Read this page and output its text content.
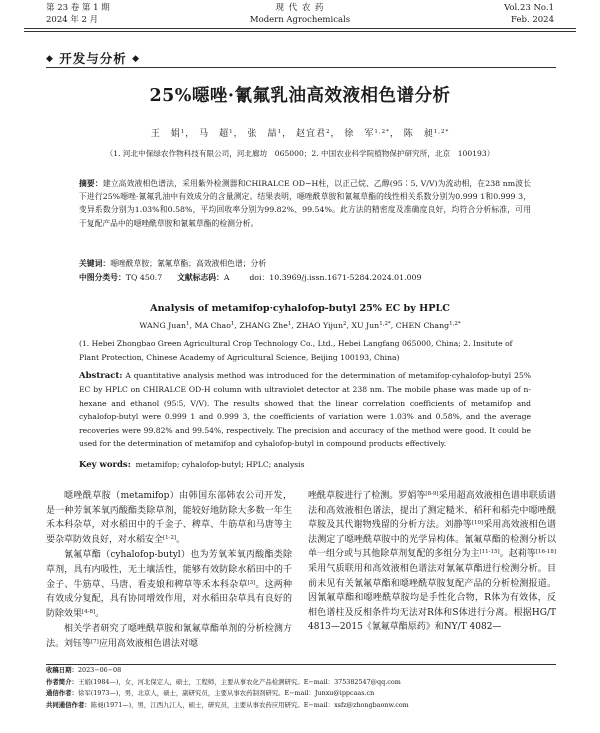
第 23 卷 第 1 期
2024 年 2 月
现 代 农 药
Modern Agrochemicals
Vol.23 No.1
Feb. 2024
◆ 开发与分析 ◆
25%噁唑·氰氟乳油高效液相色谱分析
王　娟$^1$， 马　超$^1$， 张　喆$^1$， 赵宜君$^2$， 徐　军$^{1,2*}$， 陈　昶$^{1,2*}$
（1. 河北中保绿农作物科技有限公司，河北廊坊　065000；2. 中国农业科学院植物保护研究所，北京　100193）
摘要：建立高效液相色谱法，采用紫外检测器和CHIRALCE OD−H柱，以正己烷、乙醇(95∶5, V/V)为流动相，在238 nm波长下进行25%噁唑·氰氟乳油中有效成分的含量测定。结果表明，噁唑酰草胺和氰氟草酯的线性相关系数分别为0.999 1和0.999 3，变异系数分别为1.03%和0.58%，平均回收率分别为99.82%、99.54%。此方法的精密度及准确度良好，均符合分析标准，可用于复配产品中的噁唑酰草胺和氰氟草酯的检测分析。
关键词：噁唑酰草胺；氰氟草酯；高效液相色谱；分析
中图分类号：TQ 450.7 文献标志码：A	doi：10.3969/j.issn.1671-5284.2024.01.009
Analysis of metamifop·cyhalofop-butyl 25% EC by HPLC
WANG Juan$^1$, MA Chao$^1$, ZHANG Zhe$^1$, ZHAO Yijun$^2$, XU Jun$^{1,2*}$, CHEN Chang$^{1,2*}$
(1. Hebei Zhongbao Green Agricultural Crop Technology Co., Ltd., Hebei Langfang 065000, China; 2. Insitute of Plant Protection, Chinese Academy of Agricultural Science, Beijing 100193, China)
Abstract: A quantitative analysis method was introduced for the determination of metamifop·cyhalofop-butyl 25% EC by HPLC on CHIRALCE OD-H column with ultraviolet detector at 238 nm. The mobile phase was made up of n-hexane and ethanol (95∶5, V/V). The results showed that the linear correlation coefficients of metamifop and cyhalofop-butyl were 0.999 1 and 0.999 3, the coefficients of variation were 1.03% and 0.58%, and the average recoveries were 99.82% and 99.54%, respectively. The precision and accuracy of the method were good. It could be used for the determination of metamifop and cyhalofop-butyl in compound products effectively.
Key words: metamifop; cyhalofop-butyl; HPLC; analysis

噁唑酰草胺（metamifop）由韩国东部韩农公司开发，是一种芳氧苯氧丙酸酯类除草剂，能较好地防除大多数一年生禾本科杂草，对水稻田中的千金子、稗草、牛筋草和马唐等主要杂草防效良好，对水稻安全[1-2]。

氰氟草酯（cyhalofop-butyl）也为芳氧苯氧丙酸酯类除草剂，具有内吸性，无土壤活性，能够有效防除水稻田中的千金子、牛筋草、马唐、看麦娘和稗草等禾本科杂草[3]。这两种有效成分复配，具有协同增效作用，对水稻田杂草具有良好的防除效果[4-8]。

相关学者研究了噁唑酰草胺和氰氟草酯单剂的分析检测方法。刘钰等[7]应用高效液相色谱法对噁

唑酰草胺进行了检测。罗娟等[8-9]采用超高效液相色谱串联质谱法和高效液相色谱法，提出了测定糙米、稻秆和稻壳中噁唑酰草胺及其代谢物残留的分析方法。刘静等[10]采用高效液相色谱法测定了噁唑酰草胺中的光学异构体。氰氟草酯的检测分析以单一组分或与其他除草剂复配的多组分为主[11-15]。赵莉等[16-18]采用气质联用和高效液相色谱法对氰氟草酯进行检测分析。目前未见有关氰氟草酯和噁唑酰草胺复配产品的分析检测报道。因氰氟草酯和噁唑酰草胺均是手性化合物，R体为有效体，反相色谱柱及反相条件均无法对R体和S体进行分离。根据HG/T 4813—2015《氰氟草酯原药》和NY/T 4082—

收稿日期：2023−06−08
作者简介：王娟(1984—)，女，河北保定人，硕士，工程师，主要从事农化产品检测研究。E−mail：375382547@qq.com
通信作者：徐军(1973—)，男，北京人，硕士，副研究员，主要从事农药制剂研究。E−mail：Junxu@ippcaas.cn
共同通信作者：陈昶(1971—)，男，江西九江人，硕士，研究员，主要从事农药应用研究。E−mail：xsfz@zhongbaonw.com
